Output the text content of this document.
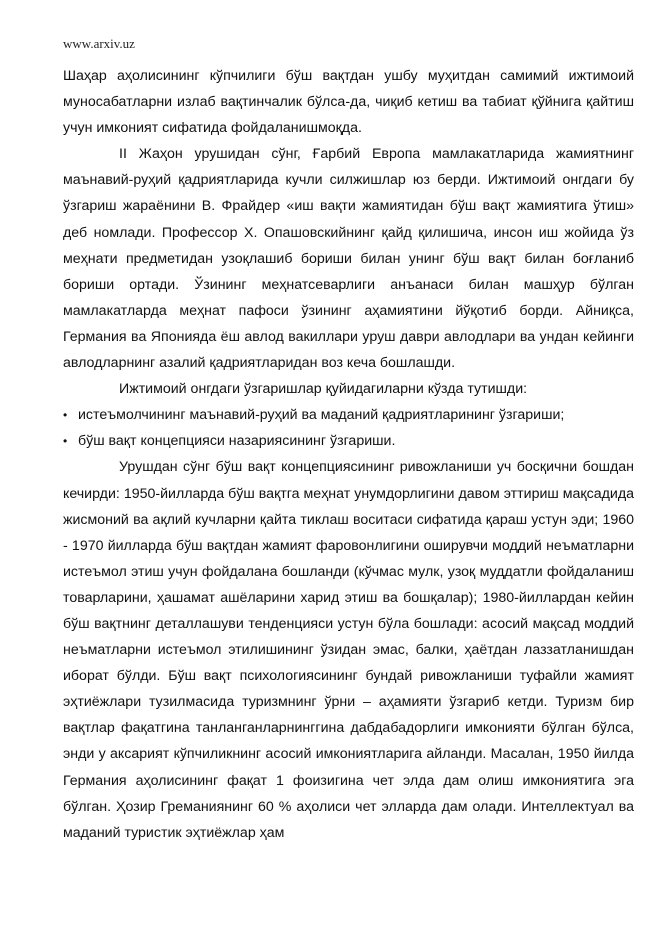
www.arxiv.uz

Шаҳар аҳолисининг кўпчилиги бўш вақтдан ушбу муҳитдан самимий ижтимоий муносабатларни излаб вақтинчалик бўлса-да, чиқиб кетиш ва табиат қўйнига қайтиш учун имконият сифатида фойдаланишмоқда.

II Жаҳон урушидан сўнг, Ғарбий Европа мамлакатларида жамиятнинг маънавий-руҳий қадриятларида кучли силжишлар юз берди. Ижтимоий онгдаги бу ўзгариш жараёнини В. Фрайдер «иш вақти жамиятидан бўш вақт жамиятига ўтиш» деб номлади. Профессор Х. Опашовскийнинг қайд қилишича, инсон иш жойида ўз меҳнати предметидан узоқлашиб бориши билан унинг бўш вақт билан боғланиб бориши ортади. Ўзининг меҳнатсеварлиги анъанаси билан машҳур бўлган мамлакатларда меҳнат пафоси ўзининг аҳамиятини йўқотиб борди. Айниқса, Германия ва Японияда ёш авлод вакиллари уруш даври авлодлари ва ундан кейинги авлодларнинг азалий қадриятларидан воз кеча бошлашди.

Ижтимоий онгдаги ўзгаришлар қуйидагиларни кўзда тутишди:

• истеъмолчининг маънавий-руҳий ва маданий қадриятларининг ўзгариши;
• бўш вақт концепцияси назариясининг ўзгариши.

Урушдан сўнг бўш вақт концепциясининг ривожланиши уч босқични бошдан кечирди: 1950-йилларда бўш вақтга меҳнат унумдорлигини давом эттириш мақсадида жисмоний ва ақлий кучларни қайта тиклаш воситаси сифатида қараш устун эди; 1960 - 1970 йилларда бўш вақтдан жамият фаровонлигини оширувчи моддий неъматларни истеъмол этиш учун фойдалана бошланди (кўчмас мулк, узоқ муддатли фойдаланиш товарларини, ҳашамат ашёларини харид этиш ва бошқалар); 1980-йиллардан кейин бўш вақтнинг деталлашуви тенденцияси устун бўла бошлади: асосий мақсад моддий неъматларни истеъмол этилишининг ўзидан эмас, балки, ҳаётдан лаззатланишдан иборат бўлди. Бўш вақт психологиясининг бундай ривожланиши туфайли жамият эҳтиёжлари тузилмасида туризмнинг ўрни – аҳамияти ўзгариб кетди. Туризм бир вақтлар фақатгина танланганларнинггина дабдабадорлиги имконияти бўлган бўлса, энди у аксарият кўпчиликнинг асосий имкониятларига айланди. Масалан, 1950 йилда Германия аҳолисининг фақат 1 фоизигина чет элда дам олиш имкониятига эга бўлган. Ҳозир Греманиянинг 60 % аҳолиси чет элларда дам олади. Интеллектуал ва маданий туристик эҳтиёжлар ҳам
